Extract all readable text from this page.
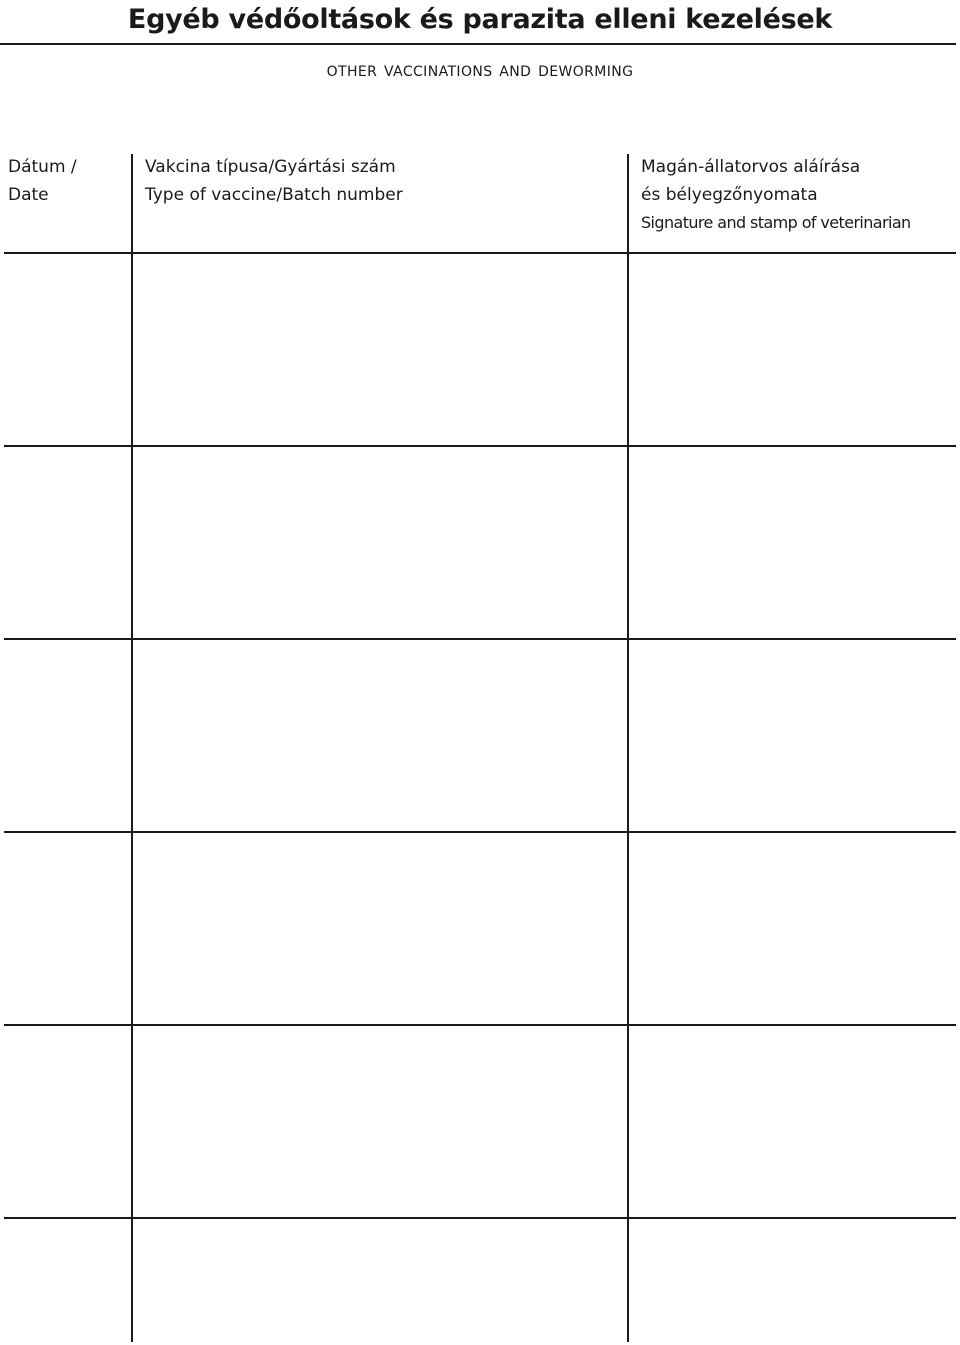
Egyéb védőoltások és parazita elleni kezelések
other vaccinations and deworming
Dátum /
Date
Vakcina típusa/Gyártási szám
Type of vaccine/Batch number
Magán-állatorvos aláírása
és bélyegzőnyomata
Signature and stamp of veterinarian
